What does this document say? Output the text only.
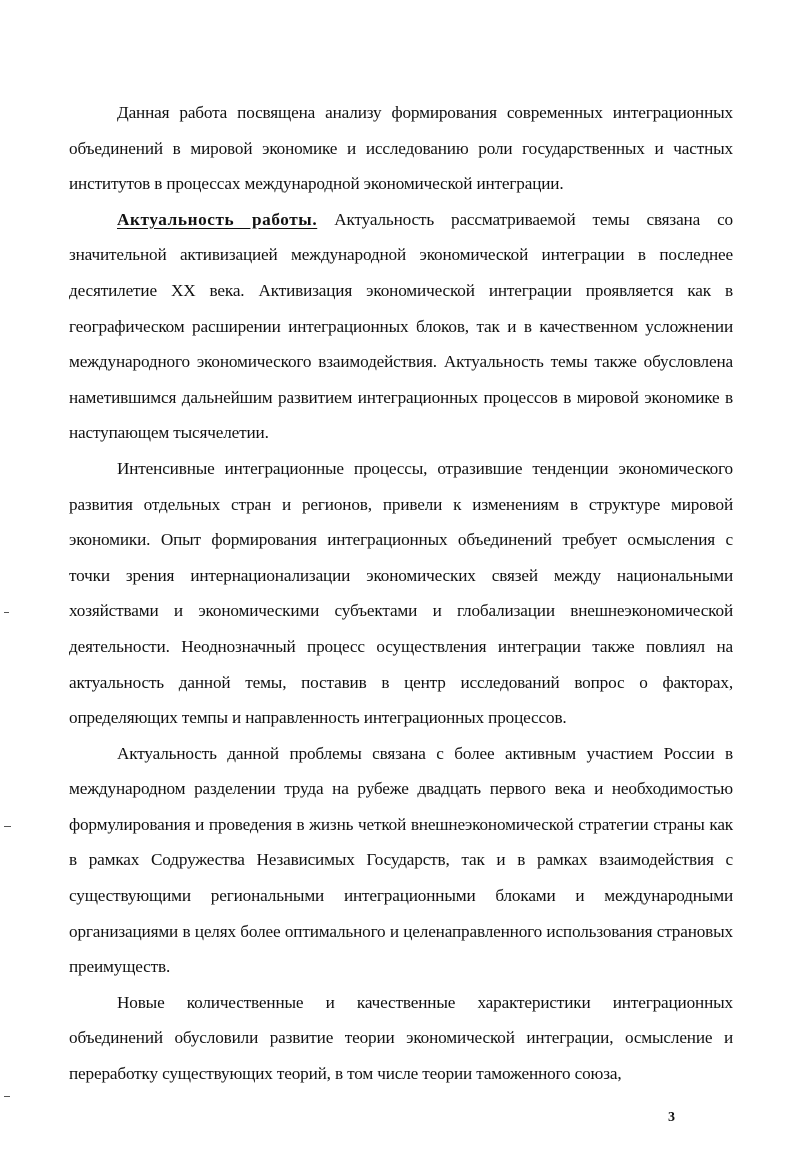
Данная работа посвящена анализу формирования современных интеграционных объединений в мировой экономике и исследованию роли государственных и частных институтов в процессах международной экономической интеграции.

Актуальность работы. Актуальность рассматриваемой темы связана со значительной активизацией международной экономической интеграции в последнее десятилетие XX века. Активизация экономической интеграции проявляется как в географическом расширении интеграционных блоков, так и в качественном усложнении международного экономического взаимодействия. Актуальность темы также обусловлена наметившимся дальнейшим развитием интеграционных процессов в мировой экономике в наступающем тысячелетии.

Интенсивные интеграционные процессы, отразившие тенденции экономического развития отдельных стран и регионов, привели к изменениям в структуре мировой экономики. Опыт формирования интеграционных объединений требует осмысления с точки зрения интернационализации экономических связей между национальными хозяйствами и экономическими субъектами и глобализации внешнеэкономической деятельности. Неоднозначный процесс осуществления интеграции также повлиял на актуальность данной темы, поставив в центр исследований вопрос о факторах, определяющих темпы и направленность интеграционных процессов.

Актуальность данной проблемы связана с более активным участием России в международном разделении труда на рубеже двадцать первого века и необходимостью формулирования и проведения в жизнь четкой внешнеэкономической стратегии страны как в рамках Содружества Независимых Государств, так и в рамках взаимодействия с существующими региональными интеграционными блоками и международными организациями в целях более оптимального и целенаправленного использования страновых преимуществ.

Новые количественные и качественные характеристики интеграционных объединений обусловили развитие теории экономической интеграции, осмысление и переработку существующих теорий, в том числе теории таможенного союза,

3
